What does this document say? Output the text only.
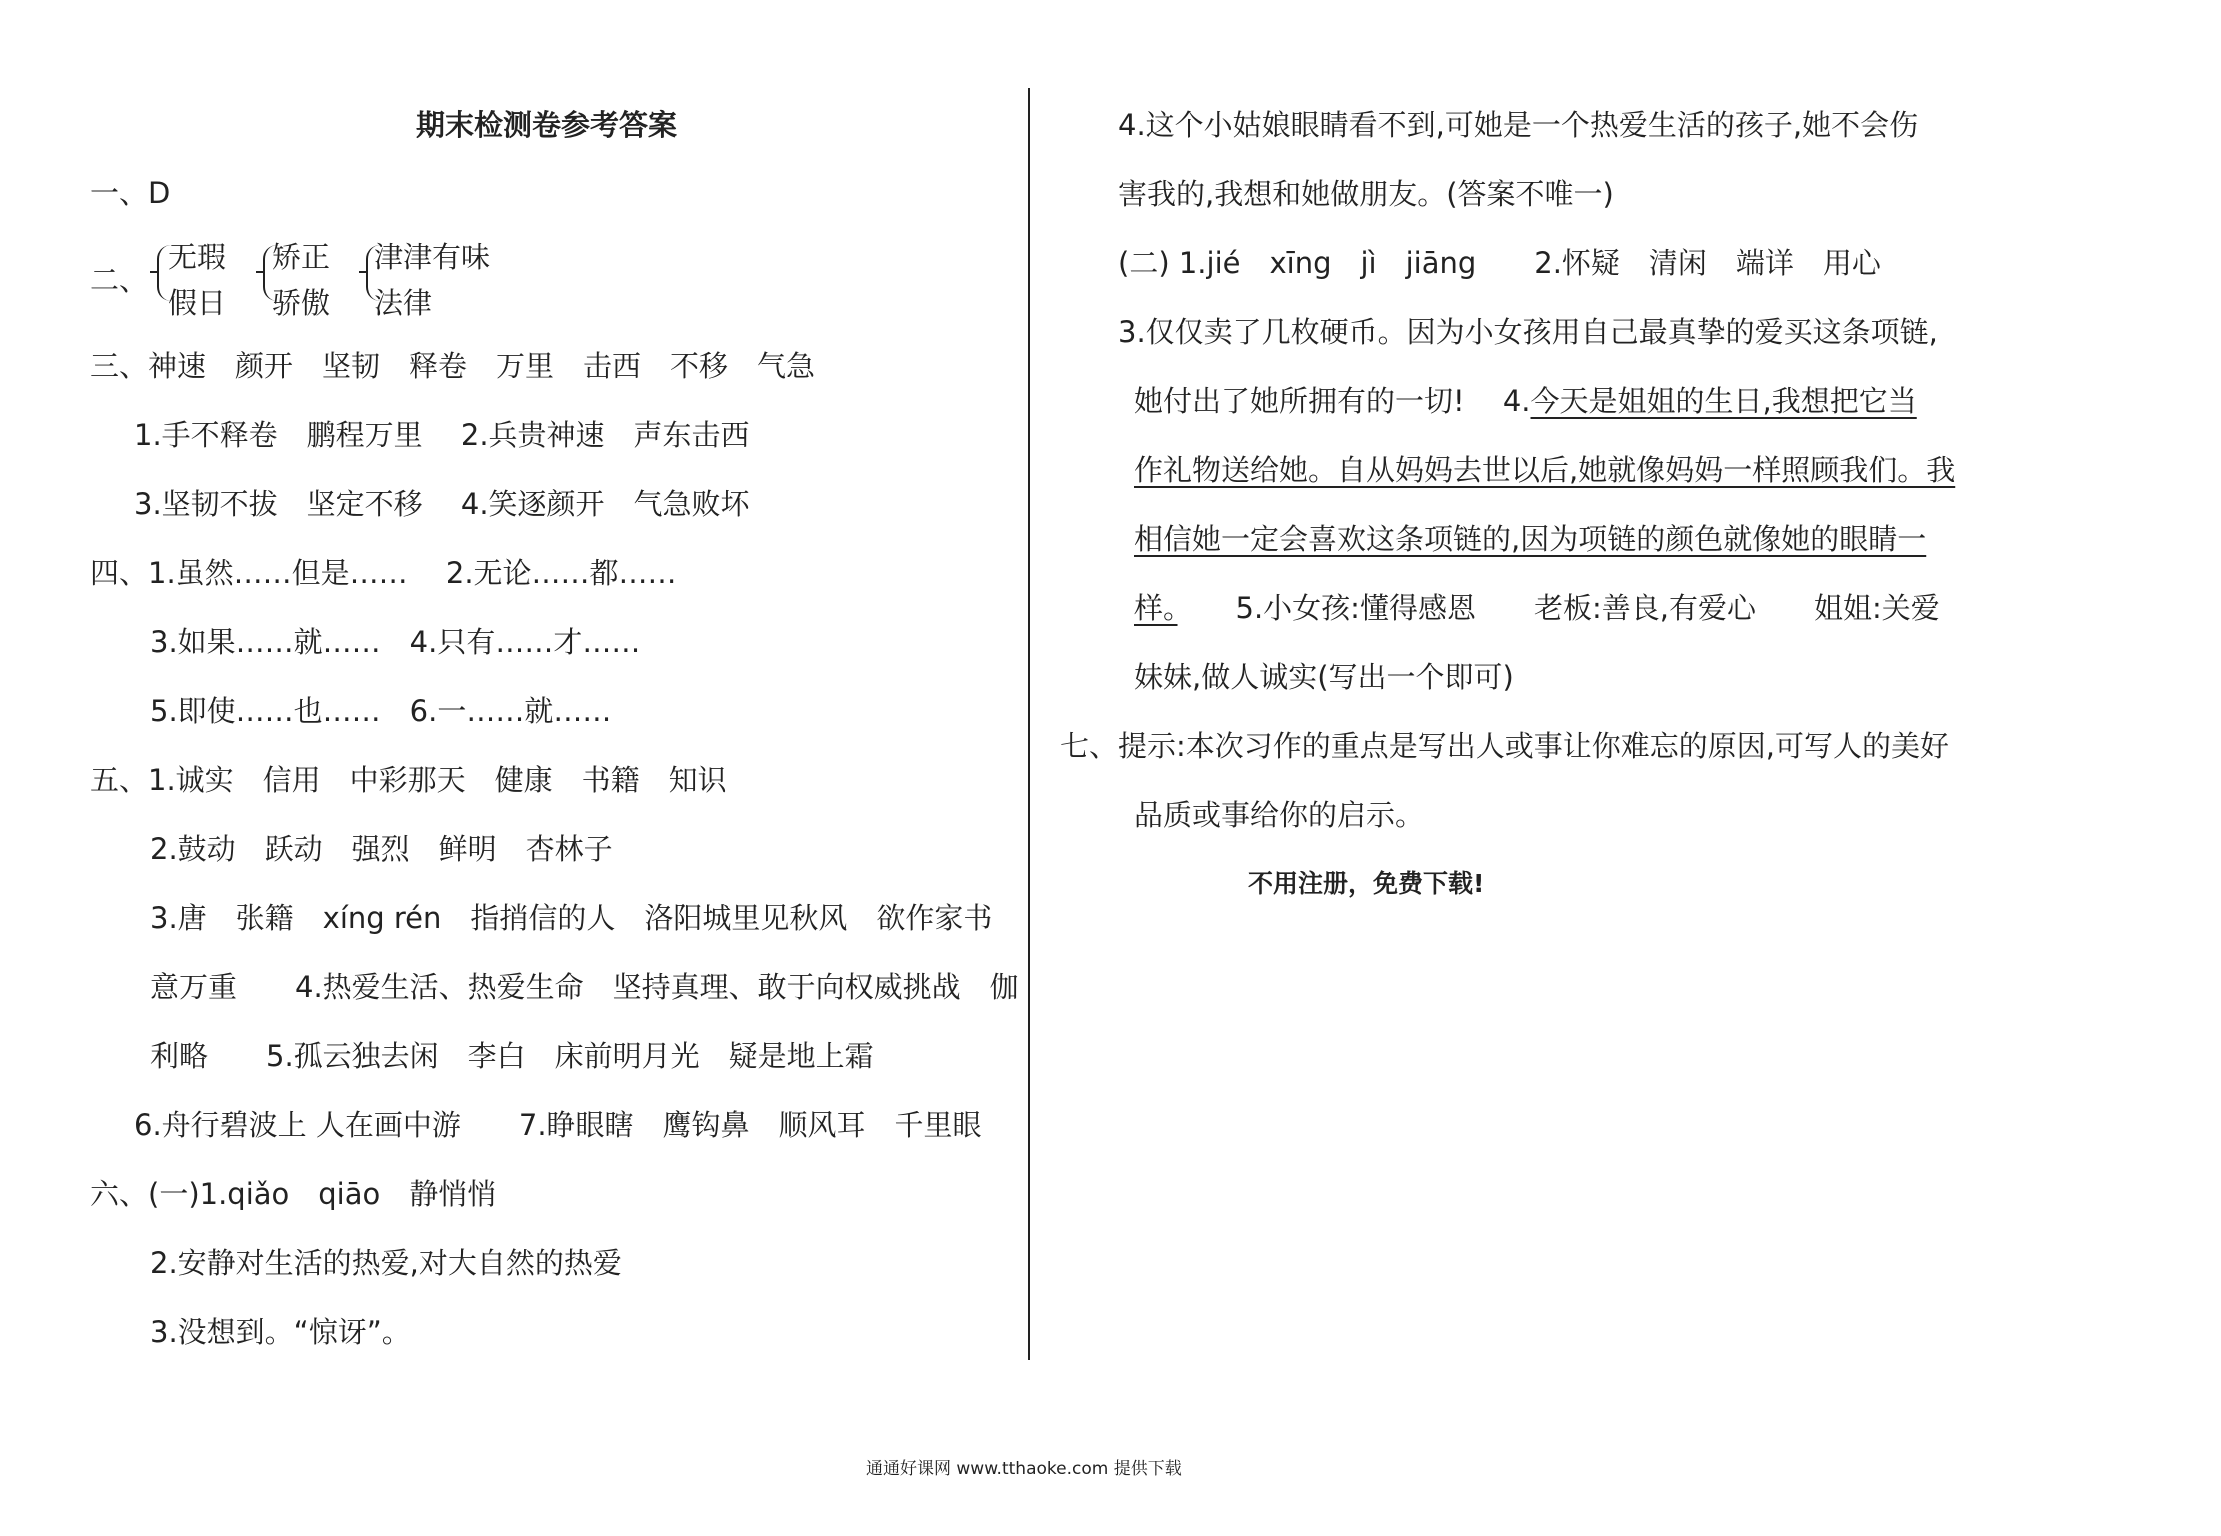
期末检测卷参考答案
一、D
二、
无瑕
假日
矫正
骄傲
津津有味
法律
三、神速　颜开　坚韧　释卷　万里　击西　不移　气急
1.手不释卷　鹏程万里　 2.兵贵神速　声东击西
3.坚韧不拔　坚定不移　 4.笑逐颜开　气急败坏
四、1.虽然……但是……　 2.无论……都……
3.如果……就……　4.只有……才……
5.即使……也……　6.一……就……
五、1.诚实　信用　中彩那天　健康　书籍　知识
2.鼓动　跃动　强烈　鲜明　杏林子
3.唐　张籍　xíng rén　指捎信的人　洛阳城里见秋风　欲作家书
意万重　　4.热爱生活、热爱生命　坚持真理、敢于向权威挑战　伽
利略　　5.孤云独去闲　李白　床前明月光　疑是地上霜
6.舟行碧波上 人在画中游　　7.睁眼瞎　鹰钩鼻　顺风耳　千里眼
六、(一)1.qiǎo　qiāo　静悄悄
2.安静对生活的热爱,对大自然的热爱
3.没想到。“惊讶”。
4.这个小姑娘眼睛看不到,可她是一个热爱生活的孩子,她不会伤
害我的,我想和她做朋友。(答案不唯一)
(二) 1.jié　xīng　jì　jiāng　　2.怀疑　清闲　端详　用心
3.仅仅卖了几枚硬币。因为小女孩用自己最真挚的爱买这条项链,
她付出了她所拥有的一切!　 4.今天是姐姐的生日,我想把它当
作礼物送给她。自从妈妈去世以后,她就像妈妈一样照顾我们。我
相信她一定会喜欢这条项链的,因为项链的颜色就像她的眼睛一
样。　　5.小女孩:懂得感恩　　老板:善良,有爱心　　姐姐:关爱
妹妹,做人诚实(写出一个即可)
七、提示:本次习作的重点是写出人或事让你难忘的原因,可写人的美好
品质或事给你的启示。
不用注册，免费下载!
通通好课网 www.tthaoke.com 提供下载
